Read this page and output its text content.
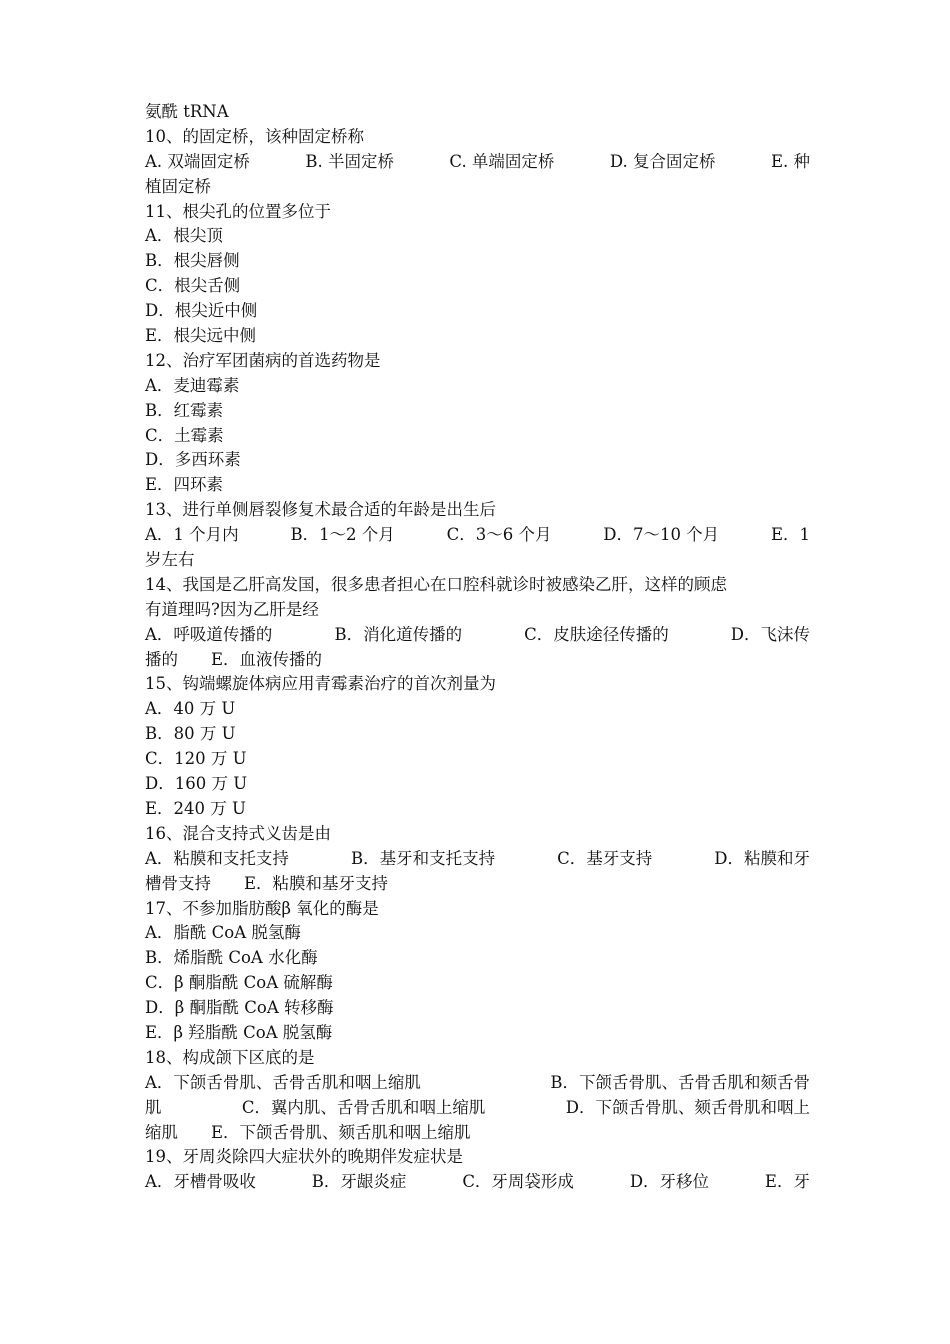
氨酰 tRNA
10、的固定桥，该种固定桥称
A. 双端固定桥	B. 半固定桥	C. 单端固定桥	D. 复合固定桥	E. 种
植固定桥
11、根尖孔的位置多位于
A．根尖顶
B．根尖唇侧
C．根尖舌侧
D．根尖近中侧
E．根尖远中侧
12、治疗军团菌病的首选药物是
A．麦迪霉素
B．红霉素
C．土霉素
D．多西环素
E．四环素
13、进行单侧唇裂修复术最合适的年龄是出生后
A．1 个月内	B．1～2 个月	C．3～6 个月	D．7～10 个月	E．1
岁左右
14、我国是乙肝高发国，很多患者担心在口腔科就诊时被感染乙肝，这样的顾虑
有道理吗?因为乙肝是经
A．呼吸道传播的	B．消化道传播的	C．皮肤途径传播的	D．飞沫传
播的　　E．血液传播的
15、钩端螺旋体病应用青霉素治疗的首次剂量为
A．40 万 U
B．80 万 U
C．120 万 U
D．160 万 U
E．240 万 U
16、混合支持式义齿是由
A．粘膜和支托支持	B．基牙和支托支持	C．基牙支持	D．粘膜和牙
槽骨支持　　E．粘膜和基牙支持
17、不参加脂肪酸β 氧化的酶是
A．脂酰 CoA 脱氢酶
B．烯脂酰 CoA 水化酶
C．β 酮脂酰 CoA 硫解酶
D．β 酮脂酰 CoA 转移酶
E．β 羟脂酰 CoA 脱氢酶
18、构成颌下区底的是
A．下颌舌骨肌、舌骨舌肌和咽上缩肌	B．下颌舌骨肌、舌骨舌肌和颏舌骨
肌	C．翼内肌、舌骨舌肌和咽上缩肌	D．下颌舌骨肌、颏舌骨肌和咽上
缩肌　　E．下颌舌骨肌、颏舌肌和咽上缩肌
19、牙周炎除四大症状外的晚期伴发症状是
A．牙槽骨吸收	B．牙龈炎症	C．牙周袋形成	D．牙移位	E．牙
